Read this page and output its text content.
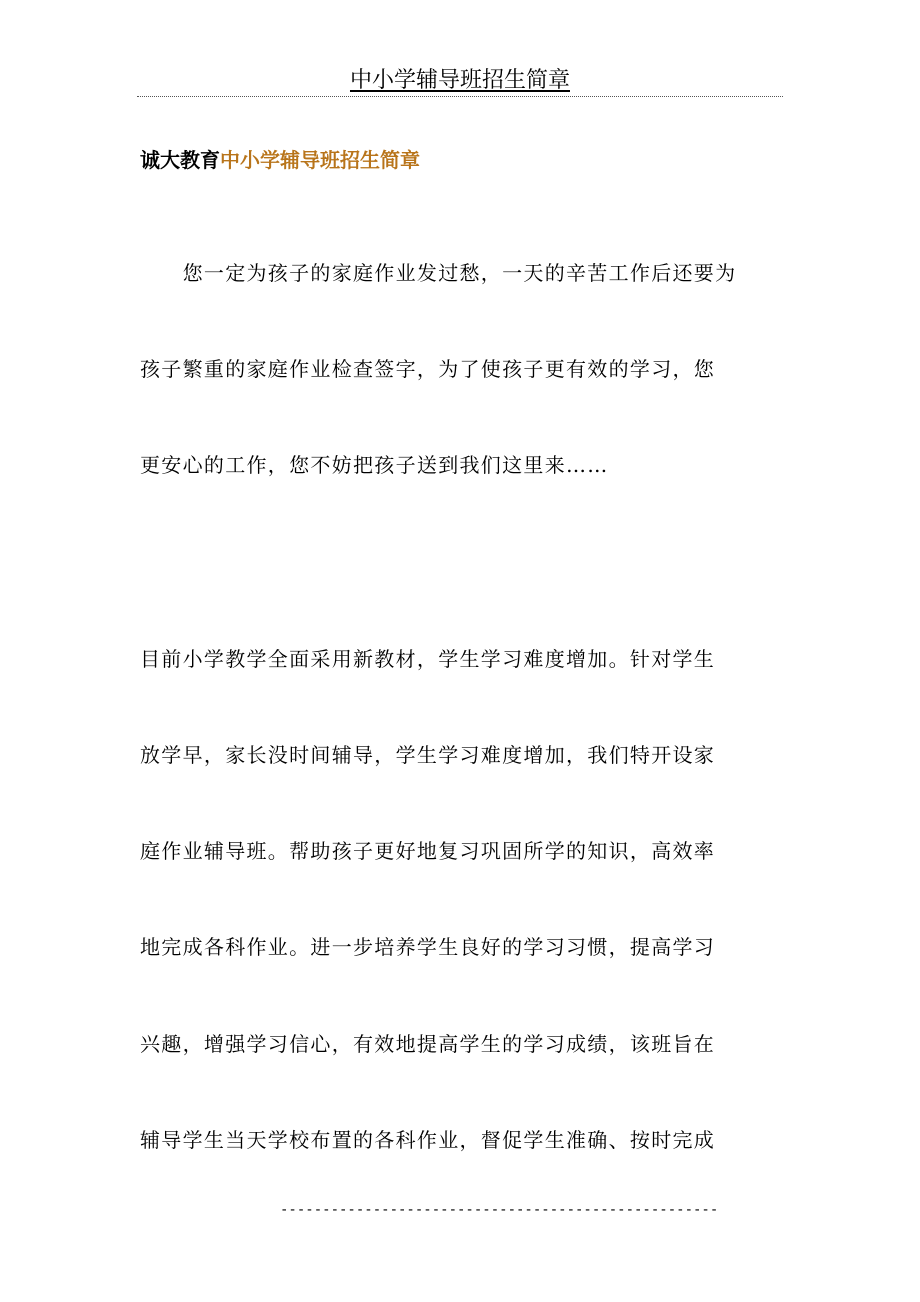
中小学辅导班招生简章
诚大教育中小学辅导班招生简章
　　您一定为孩子的家庭作业发过愁，一天的辛苦工作后还要为
孩子繁重的家庭作业检查签字，为了使孩子更有效的学习，您
更安心的工作，您不妨把孩子送到我们这里来……
目前小学教学全面采用新教材，学生学习难度增加。针对学生
放学早，家长没时间辅导，学生学习难度增加，我们特开设家
庭作业辅导班。帮助孩子更好地复习巩固所学的知识，高效率
地完成各科作业。进一步培养学生良好的学习习惯，提高学习
兴趣，增强学习信心，有效地提高学生的学习成绩，该班旨在
辅导学生当天学校布置的各科作业，督促学生准确、按时完成
----------------------------------------------------
